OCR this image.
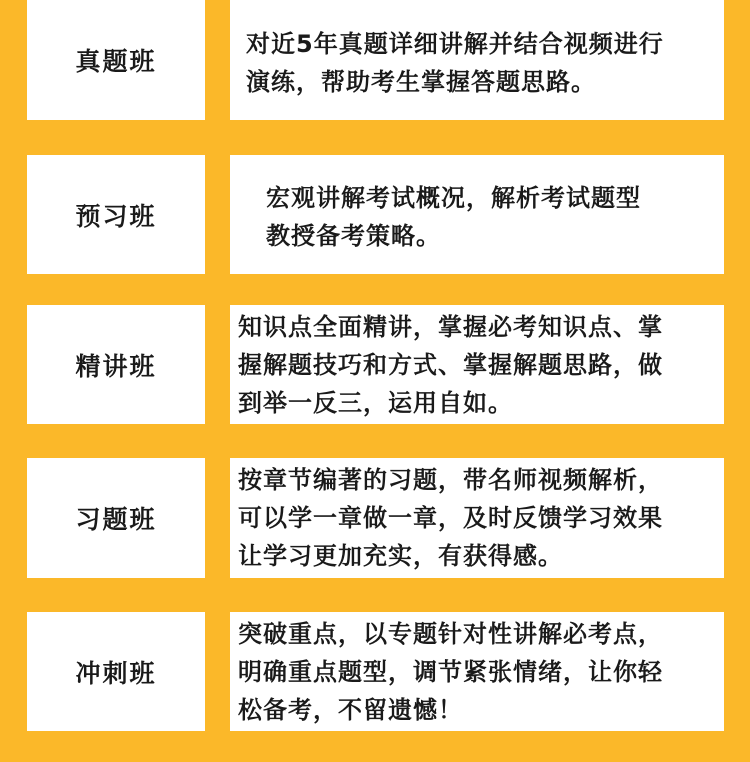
真题班

对近5年真题详细讲解并结合视频进行

演练，帮助考生掌握答题思路。

预习班

宏观讲解考试概况，解析考试题型

教授备考策略。

精讲班

知识点全面精讲，掌握必考知识点、掌

握解题技巧和方式、掌握解题思路，做

到举一反三，运用自如。

习题班

按章节编著的习题，带名师视频解析，

可以学一章做一章，及时反馈学习效果

让学习更加充实，有获得感。

冲刺班

突破重点，以专题针对性讲解必考点，

明确重点题型，调节紧张情绪，让你轻

松备考，不留遗憾！
